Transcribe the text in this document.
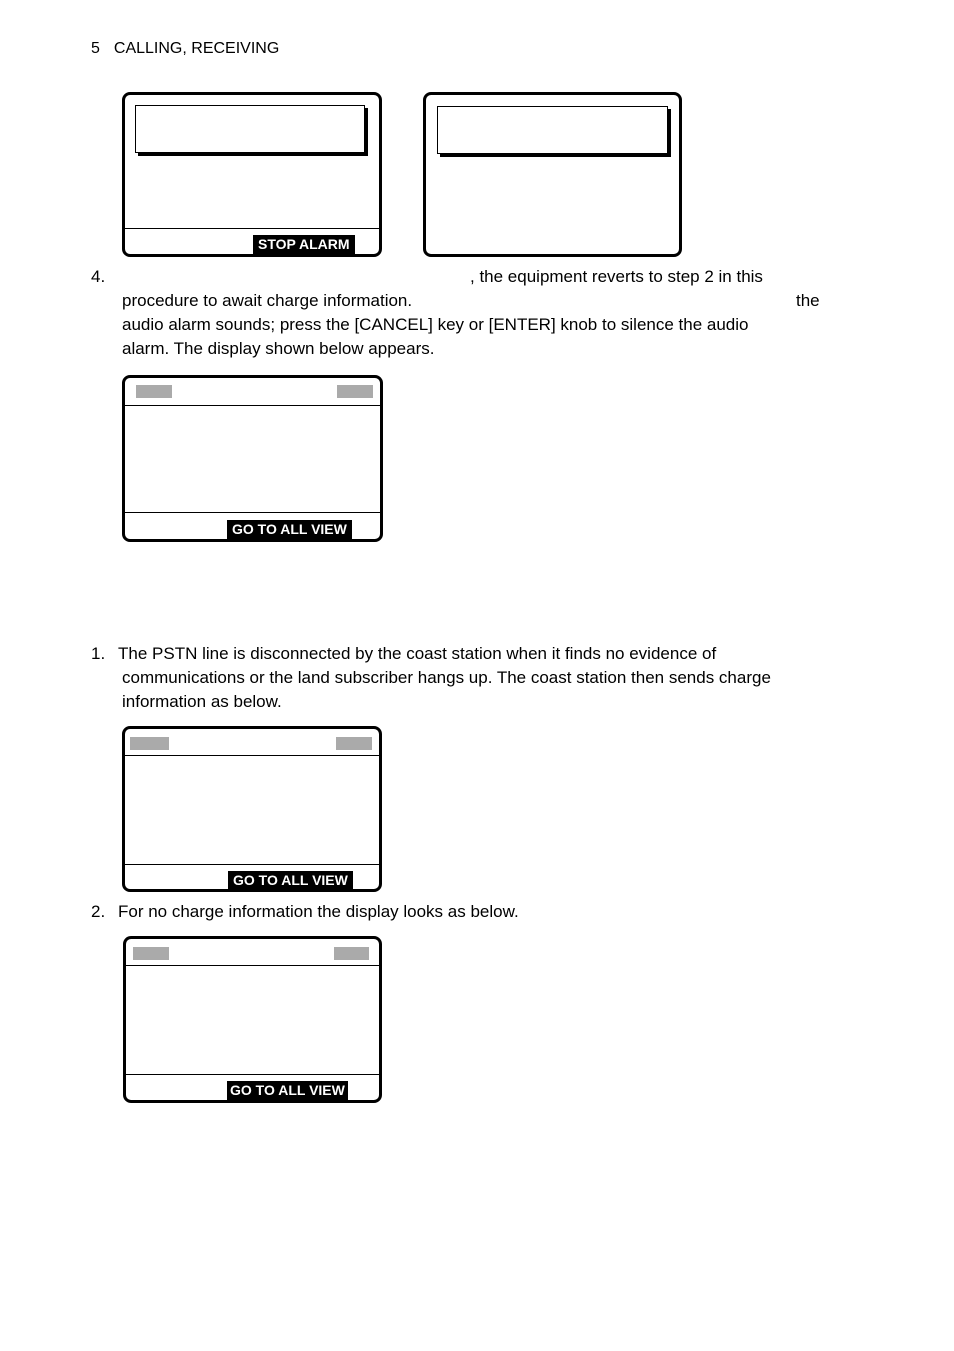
5 CALLING, RECEIVING
STOP ALARM
4.	, the equipment reverts to step 2 in this
procedure to await charge information.	the
audio alarm sounds; press the [CANCEL] key or [ENTER] knob to silence the audio
alarm. The display shown below appears.
GO TO ALL VIEW
1. The PSTN line is disconnected by the coast station when it finds no evidence of
communications or the land subscriber hangs up. The coast station then sends charge
information as below.
GO TO ALL VIEW
2. For no charge information the display looks as below.
GO TO ALL VIEW
